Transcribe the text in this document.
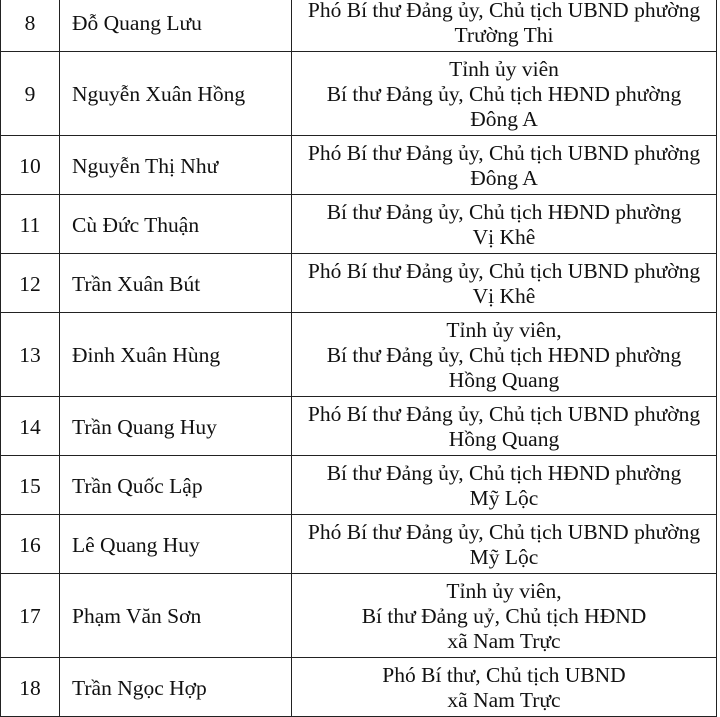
8	Đỗ Quang Lưu	Phó Bí thư Đảng ủy, Chủ tịch UBND phường
Trường Thi

9	Nguyễn Xuân Hồng	Tỉnh ủy viên
Bí thư Đảng ủy, Chủ tịch HĐND phường
Đông A

10	Nguyễn Thị Như	Phó Bí thư Đảng ủy, Chủ tịch UBND phường
Đông A

11	Cù Đức Thuận	Bí thư Đảng ủy, Chủ tịch HĐND phường
Vị Khê

12	Trần Xuân Bút	Phó Bí thư Đảng ủy, Chủ tịch UBND phường
Vị Khê

13	Đinh Xuân Hùng	Tỉnh ủy viên,
Bí thư Đảng ủy, Chủ tịch HĐND phường
Hồng Quang

14	Trần Quang Huy	Phó Bí thư Đảng ủy, Chủ tịch UBND phường
Hồng Quang

15	Trần Quốc Lập	Bí thư Đảng ủy, Chủ tịch HĐND phường
Mỹ Lộc

16	Lê Quang Huy	Phó Bí thư Đảng ủy, Chủ tịch UBND phường
Mỹ Lộc

17	Phạm Văn Sơn	Tỉnh ủy viên,
Bí thư Đảng uỷ, Chủ tịch HĐND
xã Nam Trực

18	Trần Ngọc Hợp	Phó Bí thư, Chủ tịch UBND
xã Nam Trực
